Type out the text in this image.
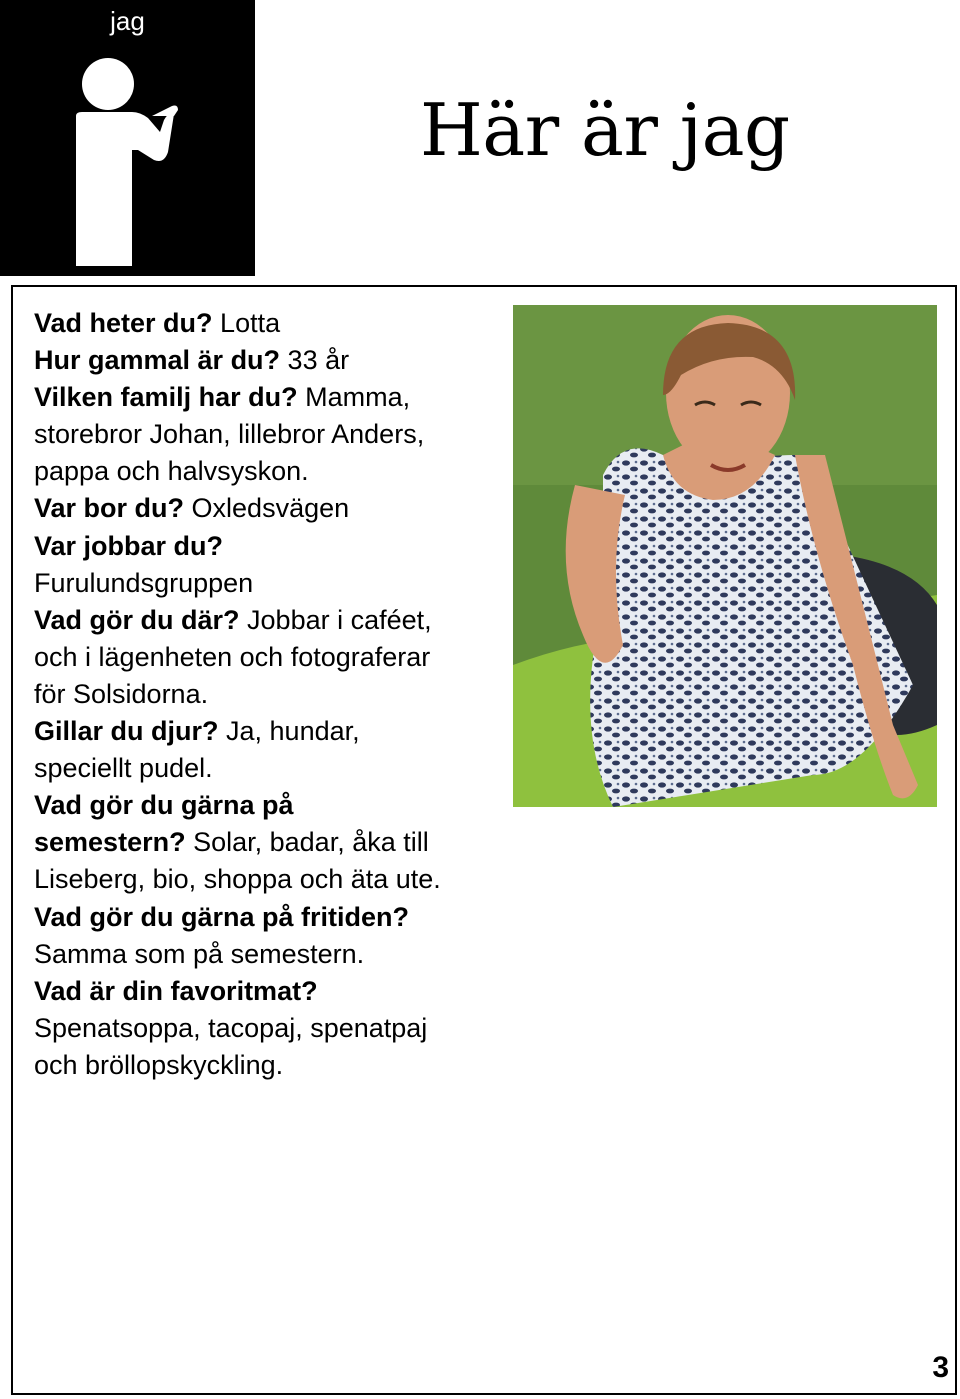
jag
Här är jag
Vad heter du? Lotta
Hur gammal är du? 33 år
Vilken familj har du? Mamma,
storebror Johan, lillebror Anders,
pappa och halvsyskon.
Var bor du? Oxledsvägen
Var jobbar du?
Furulundsgruppen
Vad gör du där? Jobbar i caféet,
och i lägenheten och fotograferar
för Solsidorna.
Gillar du djur? Ja, hundar,
speciellt pudel.
Vad gör du gärna på
semestern? Solar, badar, åka till
Liseberg, bio, shoppa och äta ute.
Vad gör du gärna på fritiden?
Samma som på semestern.
Vad är din favoritmat?
Spenatsoppa, tacopaj, spenatpaj
och bröllopskyckling.
3
